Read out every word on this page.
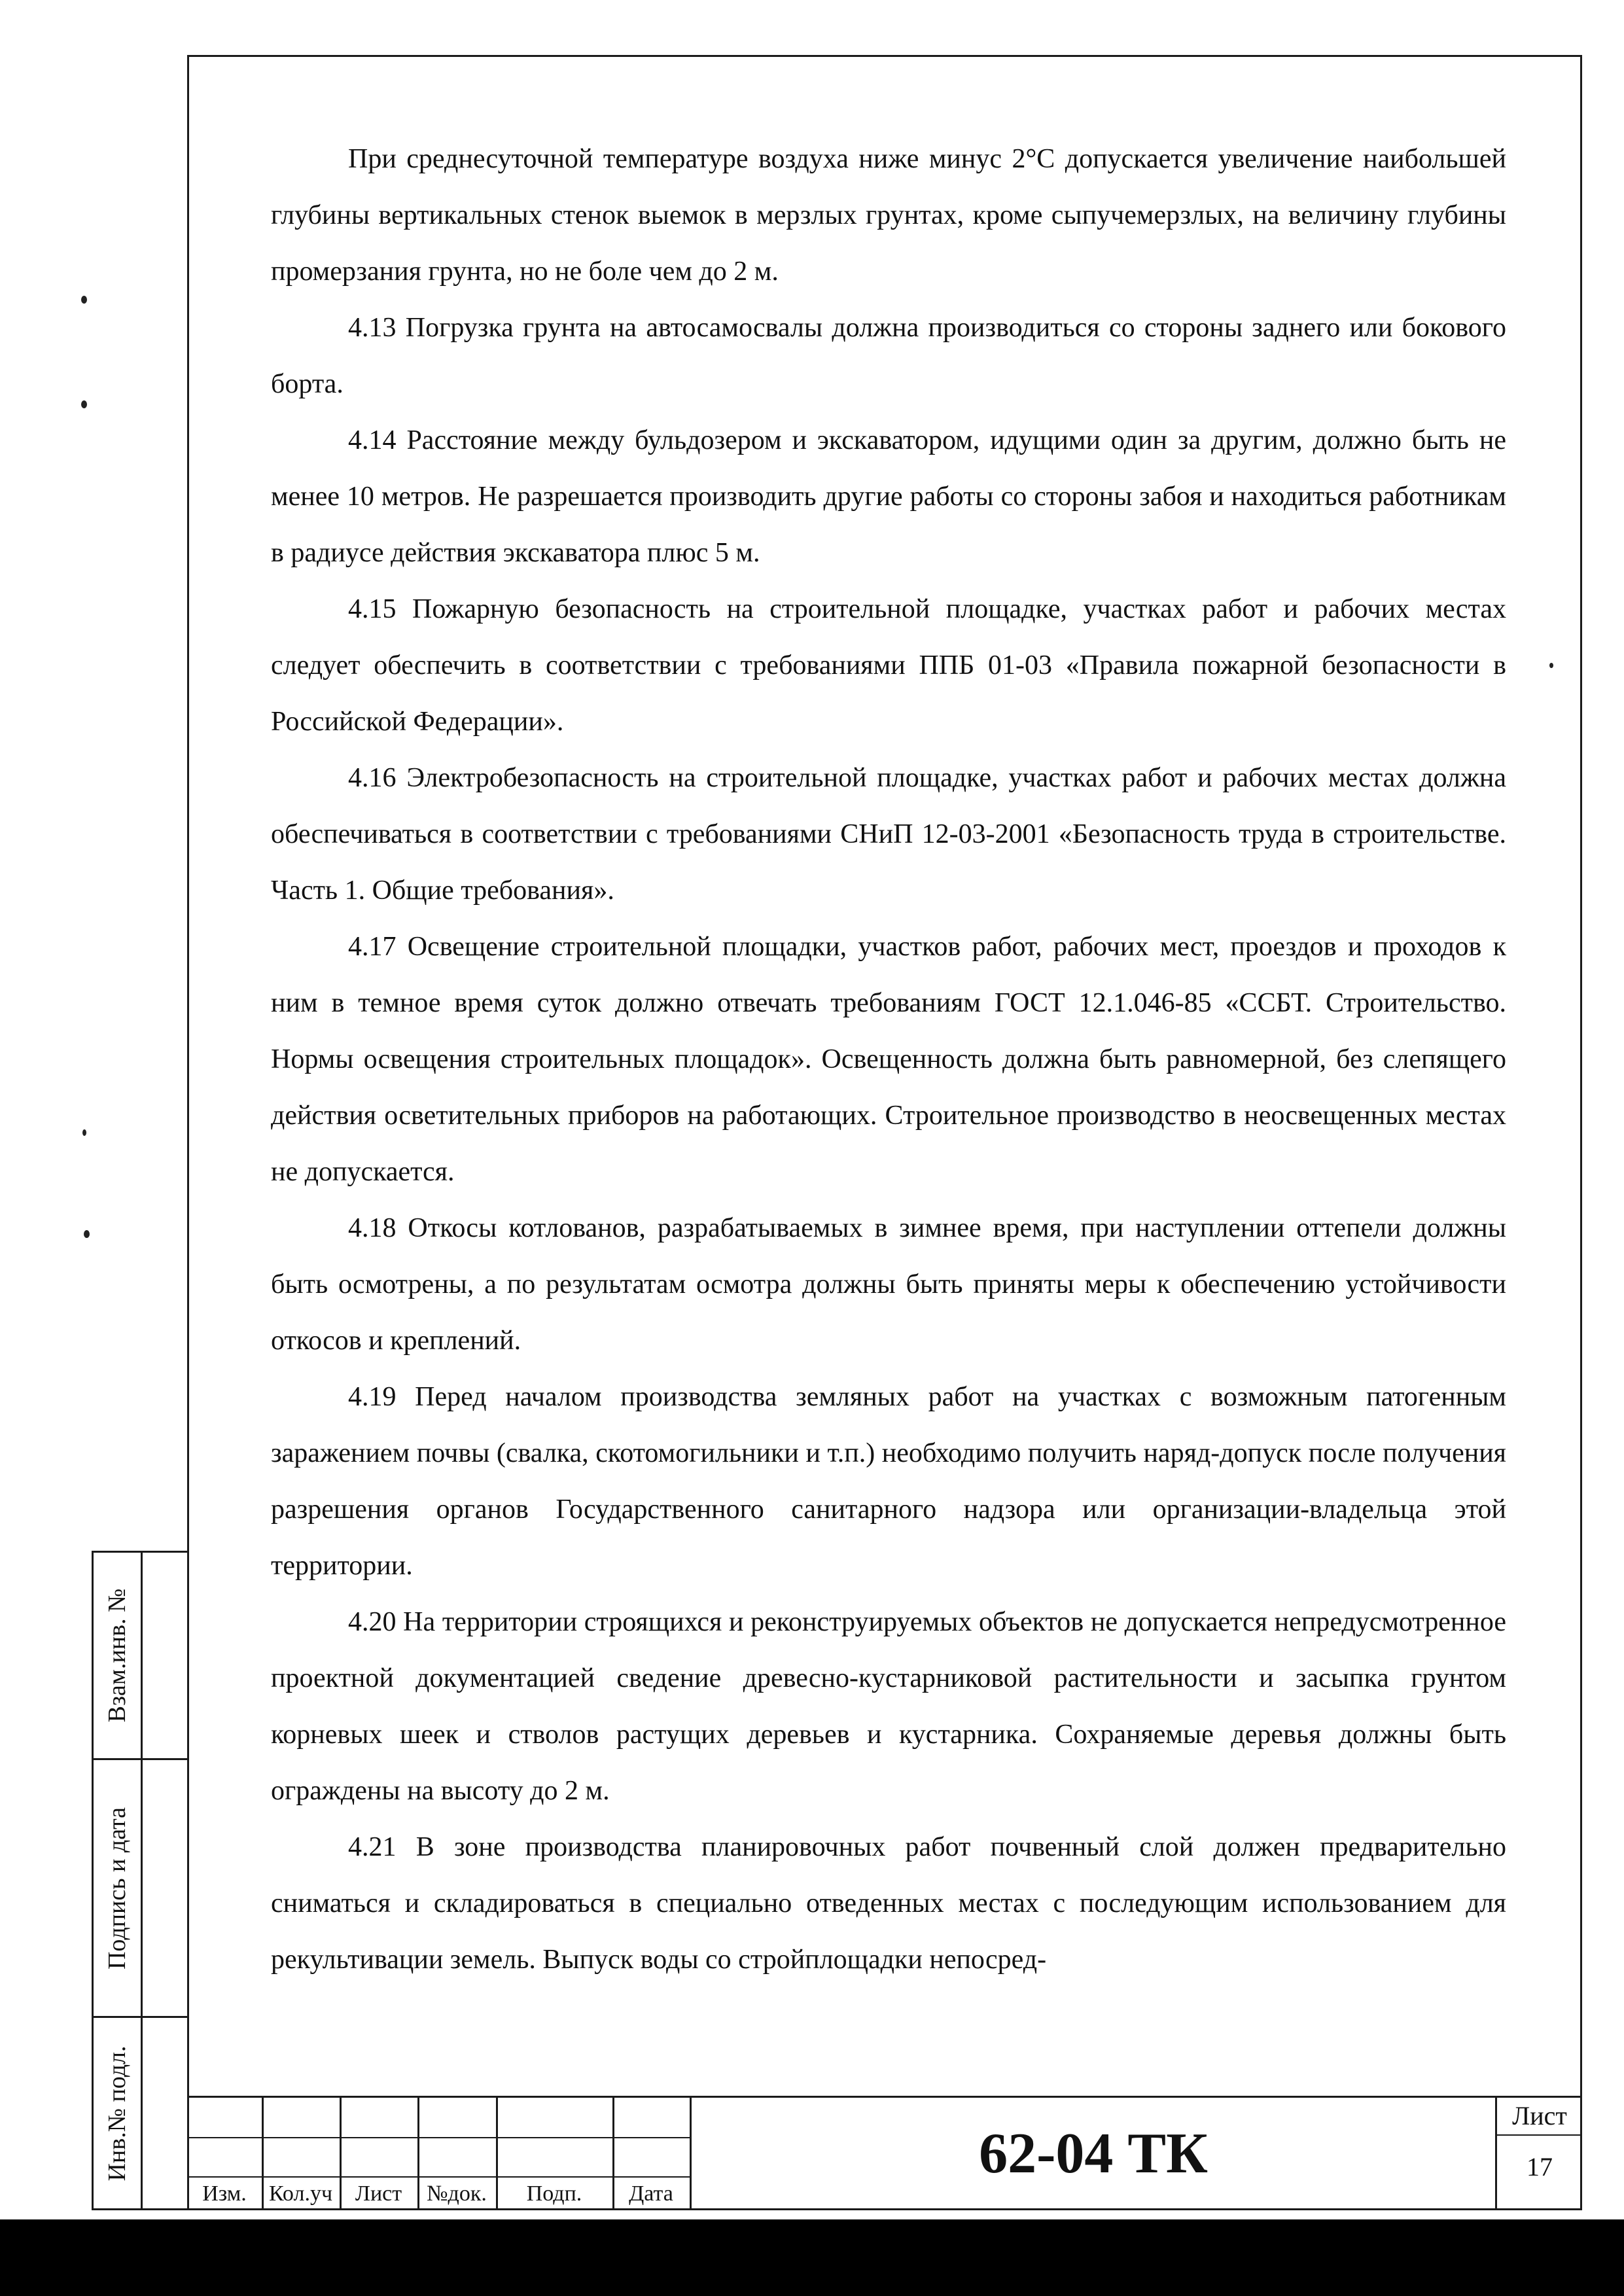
При среднесуточной температуре воздуха ниже минус 2°С допускается увеличение наибольшей глубины вертикальных стенок выемок в мерзлых грунтах, кроме сыпучемерзлых, на величину глубины промерзания грунта, но не боле чем до 2 м.

4.13 Погрузка грунта на автосамосвалы должна производиться со стороны заднего или бокового борта.

4.14 Расстояние между бульдозером и экскаватором, идущими один за другим, должно быть не менее 10 метров. Не разрешается производить другие работы со стороны забоя и находиться работникам в радиусе действия экскаватора плюс 5 м.

4.15 Пожарную безопасность на строительной площадке, участках работ и рабочих местах следует обеспечить в соответствии с требованиями ППБ 01-03 «Правила пожарной безопасности в Российской Федерации».

4.16 Электробезопасность на строительной площадке, участках работ и рабочих местах должна обеспечиваться в соответствии с требованиями СНиП 12-03-2001 «Безопасность труда в строительстве. Часть 1. Общие требования».

4.17 Освещение строительной площадки, участков работ, рабочих мест, проездов и проходов к ним в темное время суток должно отвечать требованиям ГОСТ 12.1.046-85 «ССБТ. Строительство. Нормы освещения строительных площадок». Освещенность должна быть равномерной, без слепящего действия осветительных приборов на работающих. Строительное производство в неосвещенных местах не допускается.

4.18 Откосы котлованов, разрабатываемых в зимнее время, при наступлении оттепели должны быть осмотрены, а по результатам осмотра должны быть приняты меры к обеспечению устойчивости откосов и креплений.

4.19 Перед началом производства земляных работ на участках с возможным патогенным заражением почвы (свалка, скотомогильники и т.п.) необходимо получить наряд-допуск после получения разрешения органов Государственного санитарного надзора или организации-владельца этой территории.

4.20 На территории строящихся и реконструируемых объектов не допускается непредусмотренное проектной документацией сведение древесно-кустарниковой растительности и засыпка грунтом корневых шеек и стволов растущих деревьев и кустарника. Сохраняемые деревья должны быть ограждены на высоту до 2 м.

4.21 В зоне производства планировочных работ почвенный слой должен предварительно сниматься и складироваться в специально отведенных местах с последующим использованием для рекультивации земель. Выпуск воды со стройплощадки непосред-

Взам.инв. №
Подпись и дата
Инв.№ подл.
Изм.	Кол.уч	Лист	№док.	Подп.	Дата
62-04 ТК
Лист
17
